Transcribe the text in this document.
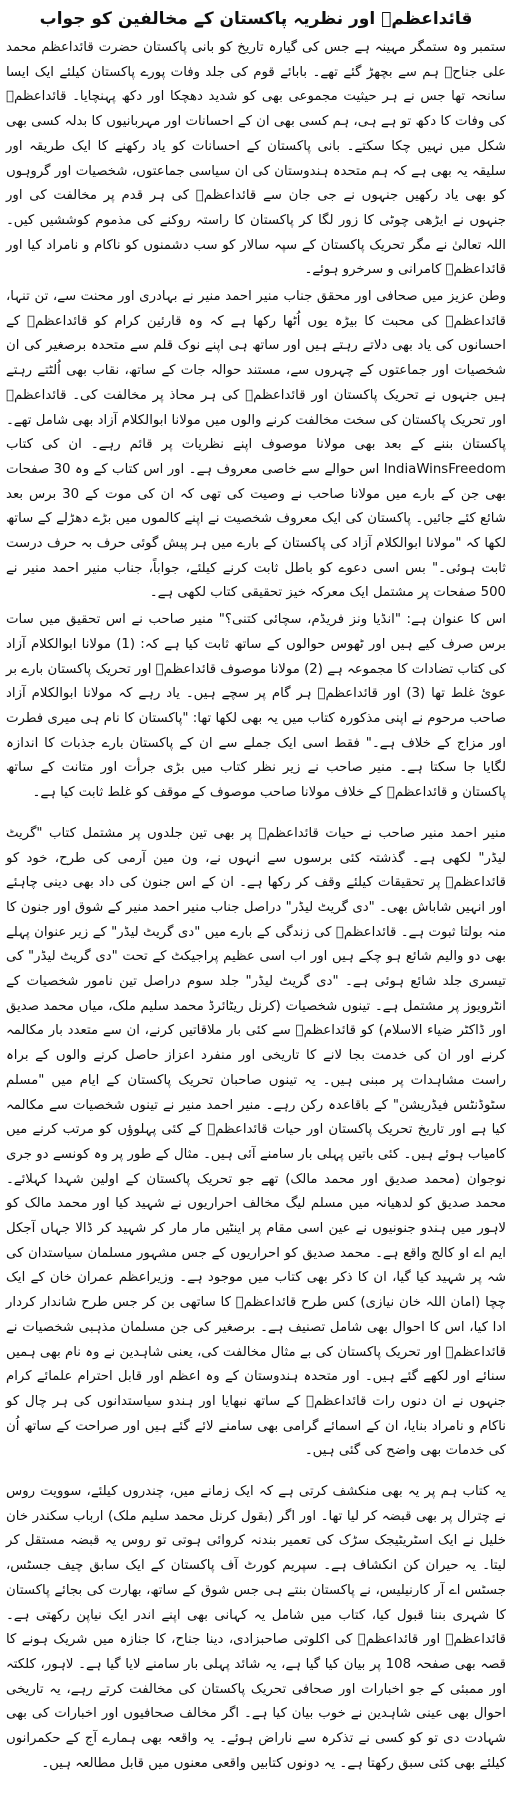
قائداعظمؒ اور نظریہ پاکستان کے مخالفین کو جواب

ستمبر وہ ستمگر مہینہ ہے جس کی گیارہ تاریخ کو بانی پاکستان حضرت قائداعظم محمد علی جناحؒ ہم سے بچھڑ گئے تھے۔ بابائے قوم کی جلد وفات پورے پاکستان کیلئے ایک ایسا سانحہ تھا جس نے ہر حیثیت مجموعی بھی کو شدید دھچکا اور دکھ پہنچایا۔ قائداعظمؒ کی وفات کا دکھ تو ہے ہی، ہم کسی بھی ان کے احسانات اور مہربانیوں کا بدلہ کسی بھی شکل میں نہیں چکا سکتے۔ بانی پاکستان کے احسانات کو یاد رکھنے کا ایک طریقہ اور سلیقہ یہ بھی ہے کہ ہم متحدہ ہندوستان کی ان سیاسی جماعتوں، شخصیات اور گروہوں کو بھی یاد رکھیں جنہوں نے جی جان سے قائداعظمؒ کی ہر قدم پر مخالفت کی اور جنہوں نے ایڑھی چوٹی کا زور لگا کر پاکستان کا راستہ روکنے کی مذموم کوششیں کیں۔ اللہ تعالیٰ نے مگر تحریک پاکستان کے سپہ سالار کو سب دشمنوں کو ناکام و نامراد کیا اور قائداعظمؒ کامرانی و سرخرو ہوئے۔

وطن عزیز میں صحافی اور محقق جناب منیر احمد منیر نے بہادری اور محنت سے، تن تنہا، قائداعظمؒ کی محبت کا بیڑہ یوں اُٹھا رکھا ہے کہ وہ قارئین کرام کو قائداعظمؒ کے احسانوں کی یاد بھی دلاتے رہتے ہیں اور ساتھ ہی اپنے نوک قلم سے متحدہ برصغیر کی ان شخصیات اور جماعتوں کے چہروں سے، مستند حوالہ جات کے ساتھ، نقاب بھی اُلٹتے رہتے ہیں جنہوں نے تحریک پاکستان اور قائداعظمؒ کی ہر محاذ پر مخالفت کی۔ قائداعظمؒ اور تحریک پاکستان کی سخت مخالفت کرنے والوں میں مولانا ابوالکلام آزاد بھی شامل تھے۔ پاکستان بننے کے بعد بھی مولانا موصوف اپنے نظریات پر قائم رہے۔ ان کی کتاب IndiaWinsFreedom اس حوالے سے خاصی معروف ہے۔ اور اس کتاب کے وہ 30 صفحات بھی جن کے بارے میں مولانا صاحب نے وصیت کی تھی کہ ان کی موت کے 30 برس بعد شائع کئے جائیں۔ پاکستان کی ایک معروف شخصیت نے اپنے کالموں میں بڑے دھڑلے کے ساتھ لکھا کہ "مولانا ابوالکلام آزاد کی پاکستان کے بارے میں ہر پیش گوئی حرف بہ حرف درست ثابت ہوئی۔" بس اسی دعوے کو باطل ثابت کرنے کیلئے، جواباً، جناب منیر احمد منیر نے 500 صفحات پر مشتمل ایک معرکہ خیز تحقیقی کتاب لکھی ہے۔

اس کا عنوان ہے: "انڈیا ونز فریڈم، سچائی کتنی؟" منیر صاحب نے اس تحقیق میں سات برس صرف کیے ہیں اور ٹھوس حوالوں کے ساتھ ثابت کیا ہے کہ: (1) مولانا ابوالکلام آزاد کی کتاب تضادات کا مجموعہ ہے (2) مولانا موصوف قائداعظمؒ اور تحریک پاکستان بارے بر عوئ غلط تھا (3) اور قائداعظمؒ ہر گام پر سچے ہیں۔ یاد رہے کہ مولانا ابوالکلام آزاد صاحب مرحوم نے اپنی مذکورہ کتاب میں یہ بھی لکھا تھا: "پاکستان کا نام ہی میری فطرت اور مزاج کے خلاف ہے۔" فقط اسی ایک جملے سے ان کے پاکستان بارے جذبات کا اندازہ لگایا جا سکتا ہے۔ منیر صاحب نے زیر نظر کتاب میں بڑی جرأت اور متانت کے ساتھ پاکستان و قائداعظمؒ کے خلاف مولانا صاحب موصوف کے موقف کو غلط ثابت کیا ہے۔

منیر احمد منیر صاحب نے حیات قائداعظمؒ پر بھی تین جلدوں پر مشتمل کتاب "گریٹ لیڈر" لکھی ہے۔ گذشتہ کئی برسوں سے انہوں نے، ون مین آرمی کی طرح، خود کو قائداعظمؒ پر تحقیقات کیلئے وقف کر رکھا ہے۔ ان کے اس جنون کی داد بھی دینی چاہئے اور انہیں شاباش بھی۔ "دی گریٹ لیڈر" دراصل جناب منیر احمد منیر کے شوق اور جنون کا منہ بولتا ثبوت ہے۔ قائداعظمؒ کی زندگی کے بارے میں "دی گریٹ لیڈر" کے زیر عنوان پہلے بھی دو والیم شائع ہو چکے ہیں اور اب اسی عظیم پراجیکٹ کے تحت "دی گریٹ لیڈر" کی تیسری جلد شائع ہوئی ہے۔ "دی گریٹ لیڈر" جلد سوم دراصل تین نامور شخصیات کے انٹرویوز پر مشتمل ہے۔ تینوں شخصیات (کرنل ریٹائرڈ محمد سلیم ملک، میاں محمد صدیق اور ڈاکٹر ضیاء الاسلام) کو قائداعظمؒ سے کئی بار ملاقاتیں کرنے، ان سے متعدد بار مکالمہ کرنے اور ان کی خدمت بجا لانے کا تاریخی اور منفرد اعزاز حاصل کرنے والوں کے براہ راست مشاہدات پر مبنی ہیں۔ یہ تینوں صاحبان تحریک پاکستان کے ایام میں "مسلم سٹوڈنٹس فیڈریشن" کے باقاعدہ رکن رہے۔ منیر احمد منیر نے تینوں شخصیات سے مکالمہ کیا ہے اور تاریخ تحریک پاکستان اور حیات قائداعظمؒ کے کئی پہلوؤں کو مرتب کرنے میں کامیاب ہوئے ہیں۔ کئی باتیں پہلی بار سامنے آئی ہیں۔ مثال کے طور پر وہ کونسے دو جری نوجوان (محمد صدیق اور محمد مالک) تھے جو تحریک پاکستان کے اولین شہدا کہلائے۔ محمد صدیق کو لدھیانہ میں مسلم لیگ مخالف احراریوں نے شہید کیا اور محمد مالک کو لاہور میں ہندو جنونیوں نے عین اسی مقام پر اینٹیں مار مار کر شہید کر ڈالا جہاں آجکل ایم اے او کالج واقع ہے۔ محمد صدیق کو احراریوں کے جس مشہور مسلمان سیاستدان کی شہ پر شہید کیا گیا، ان کا ذکر بھی کتاب میں موجود ہے۔ وزیراعظم عمران خان کے ایک چچا (امان اللہ خان نیازی) کس طرح قائداعظمؒ کا ساتھی بن کر جس طرح شاندار کردار ادا کیا، اس کا احوال بھی شامل تصنیف ہے۔ برصغیر کی جن مسلمان مذہبی شخصیات نے قائداعظمؒ اور تحریک پاکستان کی بے مثال مخالفت کی، یعنی شاہدین نے وہ نام بھی ہمیں سنائے اور لکھے گئے ہیں۔ اور متحدہ ہندوستان کے وہ اعظم اور قابل احترام علمائے کرام جنہوں نے ان دنوں رات قائداعظمؒ کے ساتھ نبھایا اور ہندو سیاستدانوں کی ہر چال کو ناکام و نامراد بنایا، ان کے اسمائے گرامی بھی سامنے لائے گئے ہیں اور صراحت کے ساتھ اُن کی خدمات بھی واضح کی گئی ہیں۔

یہ کتاب ہم پر یہ بھی منکشف کرتی ہے کہ ایک زمانے میں، چندروں کیلئے، سوویت روس نے چترال پر بھی قبضہ کر لیا تھا۔ اور اگر (بقول کرنل محمد سلیم ملک) ارباب سکندر خان خلیل نے ایک اسٹریٹیجک سڑک کی تعمیر بندنہ کروائی ہوتی تو روس یہ قبضہ مستقل کر لیتا۔ یہ حیران کن انکشاف ہے۔ سپریم کورٹ آف پاکستان کے ایک سابق چیف جسٹس، جسٹس اے آر کارنیلیس، نے پاکستان بنتے ہی جس شوق کے ساتھ، بھارت کی بجائے پاکستان کا شہری بننا قبول کیا، کتاب میں شامل یہ کہانی بھی اپنے اندر ایک نیاپن رکھتی ہے۔ قائداعظمؒ اور قائداعظمؒ کی اکلوتی صاحبزادی، دینا جناح، کا جنازہ میں شریک ہونے کا قصہ بھی صفحہ 108 پر بیان کیا گیا ہے، یہ شائد پہلی بار سامنے لایا گیا ہے۔ لاہور، کلکتہ اور ممبئی کے جو اخبارات اور صحافی تحریک پاکستان کی مخالفت کرتے رہے، یہ تاریخی احوال بھی عینی شاہدین نے خوب بیان کیا ہے۔ اگر مخالف صحافیوں اور اخبارات کی بھی شہادت دی تو کو کسی نے تذکرہ سے ناراض ہوئے۔ یہ واقعہ بھی ہمارے آج کے حکمرانوں کیلئے بھی کئی سبق رکھتا ہے۔ یہ دونوں کتابیں واقعی معنوں میں قابل مطالعہ ہیں۔
